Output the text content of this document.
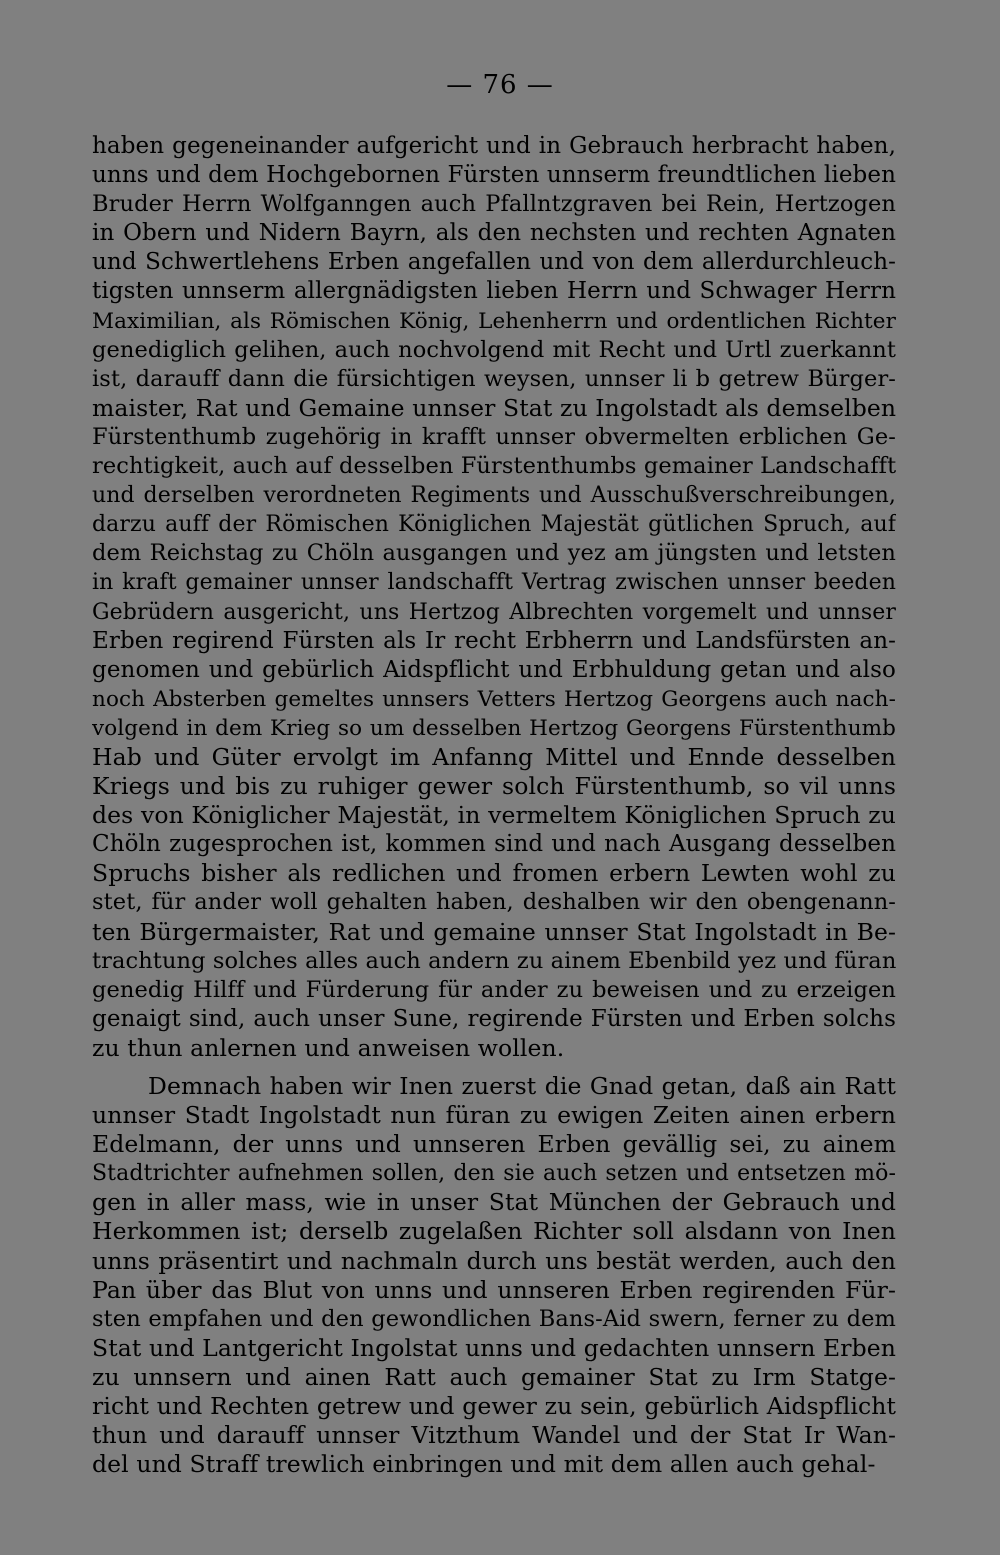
— 76 —
haben gegeneinander aufgericht und in Gebrauch herbracht haben,
unns und dem Hochgebornen Fürsten unnserm freundtlichen lieben
Bruder Herrn Wolfganngen auch Pfallntzgraven bei Rein, Hertzogen
in Obern und Nidern Bayrn, als den nechsten und rechten Agnaten
und Schwertlehens Erben angefallen und von dem allerdurchleuch-
tigsten unnserm allergnädigsten lieben Herrn und Schwager Herrn
Maximilian, als Römischen König, Lehenherrn und ordentlichen Richter
genediglich gelihen, auch nochvolgend mit Recht und Urtl zuerkannt
ist, darauff dann die fürsichtigen weysen, unnser li b getrew Bürger-
maister, Rat und Gemaine unnser Stat zu Ingolstadt als demselben
Fürstenthumb zugehörig in krafft unnser obvermelten erblichen Ge-
rechtigkeit, auch auf desselben Fürstenthumbs gemainer Landschafft
und derselben verordneten Regiments und Ausschußverschreibungen,
darzu auff der Römischen Königlichen Majestät gütlichen Spruch, auf
dem Reichstag zu Chöln ausgangen und yez am jüngsten und letsten
in kraft gemainer unnser landschafft Vertrag zwischen unnser beeden
Gebrüdern ausgericht, uns Hertzog Albrechten vorgemelt und unnser
Erben regirend Fürsten als Ir recht Erbherrn und Landsfürsten an-
genomen und gebürlich Aidspflicht und Erbhuldung getan und also
noch Absterben gemeltes unnsers Vetters Hertzog Georgens auch nach-
volgend in dem Krieg so um desselben Hertzog Georgens Fürstenthumb
Hab und Güter ervolgt im Anfanng Mittel und Ennde desselben
Kriegs und bis zu ruhiger gewer solch Fürstenthumb, so vil unns
des von Königlicher Majestät, in vermeltem Königlichen Spruch zu
Chöln zugesprochen ist, kommen sind und nach Ausgang desselben
Spruchs bisher als redlichen und fromen erbern Lewten wohl zu
stet, für ander woll gehalten haben, deshalben wir den obengenann-
ten Bürgermaister, Rat und gemaine unnser Stat Ingolstadt in Be-
trachtung solches alles auch andern zu ainem Ebenbild yez und füran
genedig Hilff und Fürderung für ander zu beweisen und zu erzeigen
genaigt sind, auch unser Sune, regirende Fürsten und Erben solchs
zu thun anlernen und anweisen wollen.
Demnach haben wir Inen zuerst die Gnad getan, daß ain Ratt
unnser Stadt Ingolstadt nun füran zu ewigen Zeiten ainen erbern
Edelmann, der unns und unnseren Erben gevällig sei, zu ainem
Stadtrichter aufnehmen sollen, den sie auch setzen und entsetzen mö-
gen in aller mass, wie in unser Stat München der Gebrauch und
Herkommen ist; derselb zugelaßen Richter soll alsdann von Inen
unns präsentirt und nachmaln durch uns bestät werden, auch den
Pan über das Blut von unns und unnseren Erben regirenden Für-
sten empfahen und den gewondlichen Bans-Aid swern, ferner zu dem
Stat und Lantgericht Ingolstat unns und gedachten unnsern Erben
zu unnsern und ainen Ratt auch gemainer Stat zu Irm Statge-
richt und Rechten getrew und gewer zu sein, gebürlich Aidspflicht
thun und darauff unnser Vitzthum Wandel und der Stat Ir Wan-
del und Straff trewlich einbringen und mit dem allen auch gehal-
